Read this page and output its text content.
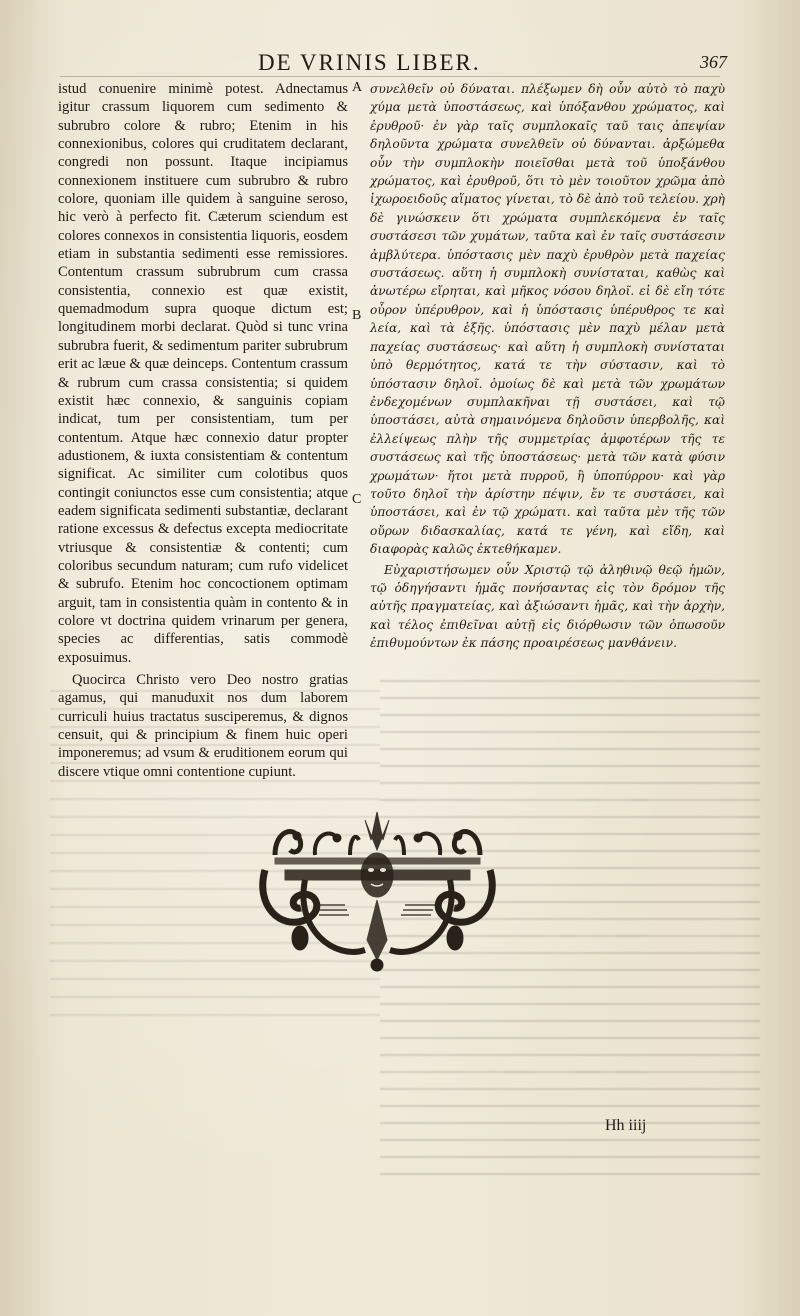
DE VRINIS LIBER.	367

istud conuenire minimè potest. Adnectamus igitur crassum liquorem cum sedimento & subrubro colore & rubro; Etenim in his connexionibus, colores qui cruditatem declarant, congredi non possunt. Itaque incipiamus connexionem instituere cum subrubro & rubro colore, quoniam ille quidem à sanguine seroso, hic verò à perfecto fit. Cæterum sciendum est colores connexos in consistentia liquoris, eosdem etiam in substantia sedimenti esse remissiores. Contentum crassum subrubrum cum crassa consistentia, connexio est quæ existit, quemadmodum supra quoque dictum est; longitudinem morbi declarat. Quòd si tunc vrina subrubra fuerit, & sedimentum pariter subrubrum erit ac læue & quæ deinceps. Contentum crassum & rubrum cum crassa consistentia; si quidem existit hæc connexio, & sanguinis copiam indicat, tum per consistentiam, tum per contentum. Atque hæc connexio datur propter adustionem, & iuxta consistentiam & contentum significat. Ac similiter cum colotibus quos contingit coniunctos esse cum consistentia; atque eadem significata sedimenti substantiæ, declarant ratione excessus & defectus excepta mediocritate vtriusque & consistentiæ & contenti; cum coloribus secundum naturam; cum rufo videlicet & subrufo. Etenim hoc concoctionem optimam arguit, tam in consistentia quàm in contento & in colore vt doctrina quidem vrinarum per genera, species ac differentias, satis commodè exposuimus.

Quocirca Christo vero Deo nostro gratias agamus, qui manuduxit nos dum laborem curriculi huius tractatus susciperemus, & dignos censuit, qui & principium & finem huic operi imponeremus; ad vsum & eruditionem eorum qui discere vtique omni contentione cupiunt.

A
B
C

συνελθεῖν οὐ δύναται. πλέξωμεν δὴ οὖν αὐτὸ τὸ παχὺ χύμα μετὰ ὑποστάσεως, καὶ ὑπόξανθου χρώματος, καὶ ἐρυθροῦ· ἐν γὰρ ταῖς συμπλοκαῖς ταῦ ταις ἀπεψίαν δηλοῦντα χρώματα συνελθεῖν οὐ δύνανται. ἀρξώμεθα οὖν τὴν συμπλοκὴν ποιεῖσθαι μετὰ τοῦ ὑποξάνθου χρώματος, καὶ ἐρυθροῦ, ὅτι τὸ μὲν τοιοῦτον χρῶμα ἀπὸ ἰχωροειδοῦς αἵματος γίνεται, τὸ δὲ ἀπὸ τοῦ τελείου. χρὴ δὲ γινώσκειν ὅτι χρώματα συμπλεκόμενα ἐν ταῖς συστάσεσι τῶν χυμάτων, ταῦτα καὶ ἐν ταῖς συστάσεσιν ἀμβλύτερα. ὑπόστασις μὲν παχὺ ἐρυθρὸν μετὰ παχείας συστάσεως. αὕτη ἡ συμπλοκὴ συνίσταται, καθὼς καὶ ἀνωτέρω εἴρηται, καὶ μῆκος νόσου δηλοῖ. εἰ δὲ εἴη τότε οὖρον ὑπέρυθρον, καὶ ἡ ὑπόστασις ὑπέρυθρος τε καὶ λεία, καὶ τὰ ἑξῆς. ὑπόστασις μὲν παχὺ μέλαν μετὰ παχείας συστάσεως· καὶ αὕτη ἡ συμπλοκὴ συνίσταται ὑπὸ θερμότητος, κατά τε τὴν σύστασιν, καὶ τὸ ὑπόστασιν δηλοῖ. ὁμοίως δὲ καὶ μετὰ τῶν χρωμάτων ἐνδεχομένων συμπλακῆναι τῇ συστάσει, καὶ τῷ ὑποστάσει, αὐτὰ σημαινόμενα δηλοῦσιν ὑπερβολῆς, καὶ ἐλλείψεως πλὴν τῆς συμμετρίας ἀμφοτέρων τῆς τε συστάσεως καὶ τῆς ὑποστάσεως· μετὰ τῶν κατὰ φύσιν χρωμάτων· ἤτοι μετὰ πυρροῦ, ἢ ὑποπύρρου· καὶ γὰρ τοῦτο δηλοῖ τὴν ἀρίστην πέψιν, ἔν τε συστάσει, καὶ ὑποστάσει, καὶ ἐν τῷ χρώματι. καὶ ταῦτα μὲν τῆς τῶν οὔρων διδασκαλίας, κατά τε γένη, καὶ εἴδη, καὶ διαφορὰς καλῶς ἐκτεθήκαμεν.

Εὐχαριστήσωμεν οὖν Χριστῷ τῷ ἀληθινῷ θεῷ ἡμῶν, τῷ ὁδηγήσαντι ἡμᾶς πονήσαντας εἰς τὸν δρόμον τῆς αὐτῆς πραγματείας, καὶ ἀξιώσαντι ἡμᾶς, καὶ τὴν ἀρχὴν, καὶ τέλος ἐπιθεῖναι αὐτῇ εἰς διόρθωσιν τῶν ὁπωσοῦν ἐπιθυμούντων ἐκ πάσης προαιρέσεως μανθάνειν.

Hh iiij
